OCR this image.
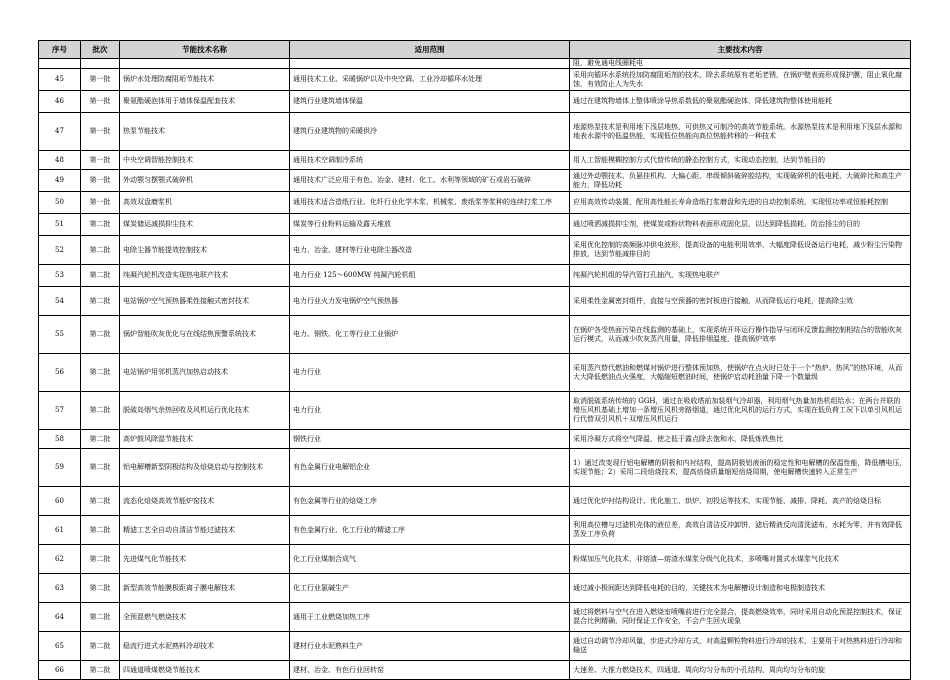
序号	批次	节能技术名称	适用范围	主要技术内容
				阻，避免通电线圈耗电
45	第一批	锅炉水处理防腐阻垢节能技术	通用技术工业、采暖锅炉以及中央空调、工业冷却循环水处理	采用向循环水系统投加防腐阻垢剂的技术，除去系统原有老垢老锈，在锅炉壁表面形成保护膜，阻止氧化腐蚀，有效防止人为失水
46	第一批	聚氨酯硬泡体用于墙体保温配套技术	建筑行业建筑墙体保温	通过在建筑物墙体上整体喷涂导热系数低的聚氨酯硬泡体，降低建筑物整体使用能耗
47	第一批	热泵节能技术	建筑行业建筑物的采暖供冷	地源热泵技术是利用地下浅层地热，可供热又可制冷的高效节能系统。水源热泵技术是利用地下浅层水源和地表水源中的低温热能，实现低位热能向高位热能转移的一种技术
48	第一批	中央空调智能控制技术	通用技术空调制冷系统	用人工智能模糊控制方式代替传统的静态控制方式，实现动态控制，达到节能目的
49	第一批	外动颚匀摆颚式破碎机	通用技术广泛应用于有色、冶金、建材、化工、水利等领域的矿石或岩石破碎	通过外动颚技术、负悬挂机构、大偏心距、串级倾斜破碎腔结构，实现破碎机的低电耗、大破碎比和高生产能力，降低功耗
50	第一批	高效双盘磨浆机	通用技术适合造纸行业、化纤行业化学木浆、机械浆、废纸浆等浆种的连续打浆工序	应用高效传动装置，配用高性能长寿命造纸打浆磨盘和先进的自动控制系统，实现恒功率或恒能耗控制
51	第二批	煤炭储运减损抑尘技术	煤炭等行业粉料运输及露天堆放	通过喷洒减损抑尘剂，使煤炭或粉状物料表面形成固化层，以达到降低损耗、防治扬尘的目的
52	第二批	电除尘器节能提效控制技术	电力、冶金、建材等行业电除尘器改造	采用优化控制的高频脉冲供电波形，提高设备的电能利用效率，大幅度降低设备运行电耗，减少粉尘污染物排放，达到节能减排目的
53	第二批	纯凝汽轮机改造实现热电联产技术	电力行业 125～600MW 纯凝汽轮机组	纯凝汽轮机组的导汽管打孔抽汽，实现热电联产
54	第二批	电站锅炉空气预热器柔性接触式密封技术	电力行业火力发电锅炉空气预热器	采用柔性金属密封组件，直接与空预器的密封板进行接触，从而降低运行电耗，提高除尘效
55	第二批	锅炉智能吹灰优化与在线结焦预警系统技术	电力、钢铁、化工等行业工业锅炉	在锅炉各受热面污染在线监测的基础上，实现系统开环运行操作指导与闭环反馈监测控制相结合的智能吹灰运行模式，从而减少吹灰蒸汽用量，降低排烟温度，提高锅炉效率
56	第二批	电站锅炉用邻机蒸汽加热启动技术	电力行业	采用蒸汽替代燃油和燃煤对锅炉进行整体预加热，使锅炉在点火时已处于一个“热炉、热风”的热环境，从而大大降低燃油点火强度，大幅缩短燃油时间，使锅炉启动耗油量下降一个数量级
57	第二批	脱硫岛烟气余热回收及风机运行优化技术	电力行业	取消脱硫系统传统的 GGH，通过在吸收塔前加装烟气冷却器，利用烟气热量加热机组给水；在两台并联的增压风机基础上增加一条增压风机旁路烟道，通过优化风机的运行方式，实现在低负荷工况下以单引风机运行代替双引风机＋双增压风机运行
58	第二批	高炉鼓风除湿节能技术	钢铁行业	采用冷凝方式将空气降温，使之低于露点除去饱和水，降低炼铁焦比
59	第二批	铝电解槽新型阴极结构及焙烧启动与控制技术	有色金属行业电解铝企业	1）通过改变现行铝电解槽的阴极和内衬结构，提高阴极铝液面的稳定性和电解槽的保温性能，降低槽电压，实现节能；2）采用二段焙烧技术，提高焙烧质量缩短焙烧周期，使电解槽快速转入正常生产
60	第二批	流态化焙烧高效节能炉窑技术	有色金属等行业的焙烧工序	通过优化炉衬结构设计、优化施工、烘炉、初投运等技术，实现节能、减排、降耗、高产的焙烧目标
61	第二批	精滤工艺全自动自清洁节能过滤技术	有色金属行业、化工行业的精滤工序	利用高位槽与过滤机壳体的液位差，高效自清洁反冲卸饼，滤后精液反向清洗滤布，水耗为零，并有效降低蒸发工序负荷
62	第二批	先进煤气化节能技术	化工行业煤制合成气	粉煤加压气化技术，非熔渣—熔渣水煤浆分级气化技术，多喷嘴对置式水煤浆气化技术
63	第二批	新型高效节能膜极距离子膜电解技术	化工行业氯碱生产	通过减小极间距达到降低电耗的目的，关键技术为电解槽设计制造和电极制造技术
64	第二批	全预混燃气燃烧技术	通用于工业燃烧加热工序	通过将燃料与空气在进入燃烧室喷嘴前进行完全混合，提高燃烧效率，同时采用自动化预混控制技术，保证混合比例精确，同时保证工作安全，不会产生回火现象
65	第二批	稳流行进式水泥熟料冷却技术	建材行业水泥熟料生产	通过自动调节冷却风量，步进式冷却方式，对高温颗粒物料进行冷却的技术，主要用于对热熟料进行冷却和输送
66	第二批	四通道喷煤燃烧节能技术	建材、冶金、有色行业回转窑	大速差、大推力燃烧技术，四通道、周向均匀分布的小孔结构，周向均匀分布的旋
